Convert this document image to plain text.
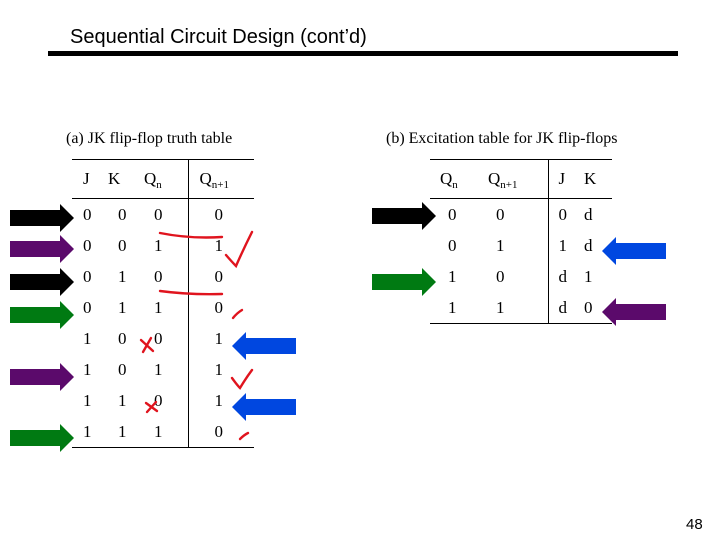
Sequential Circuit Design (cont’d)
(a) JK flip-flop truth table
J	K	$Q_n$	$Q_{n+1}$
0	0	0	0
0	0	1	1
0	1	0	0
0	1	1	0
1	0	0	1
1	0	1	1
1	1	0	1
1	1	1	0
(b) Excitation table for JK flip-flops
$Q_n$	$Q_{n+1}$	J	K
0	0	0	d
0	1	1	d
1	0	d	1
1	1	d	0
48
